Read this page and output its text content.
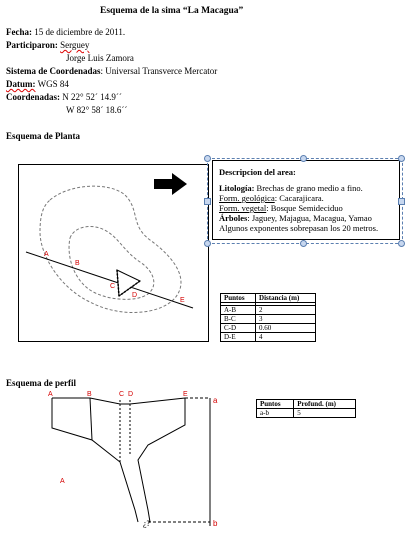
Esquema de la sima “La Macagua”
Fecha: 15 de diciembre de 2011.
Participaron: Serguey
Jorge Luis Zamora
Sistema de Coordenadas: Universal Transverce Mercator
Datum: WGS 84
Coordenadas: N 22° 52´ 14.9´´
W 82° 58´ 18.6´´
Esquema de Planta
A
B
C
D
E
Descripcion del area:
Litología: Brechas de grano medio a fino.
Form. geológica: Cacarajicara.
Form. vegetal: Bosque Semideciduo
Árboles: Jaguey, Majagua, Macagua, Yamao
Algunos exponentes sobrepasan los 20 metros.
Puntos	Distancia (m)

A-B	2
B-C	3
C-D	0.60
D-E	4
Esquema de perfil
A	B	C D	E
a
b
A
¿?
Puntos	Profund. (m)
a-b	5
